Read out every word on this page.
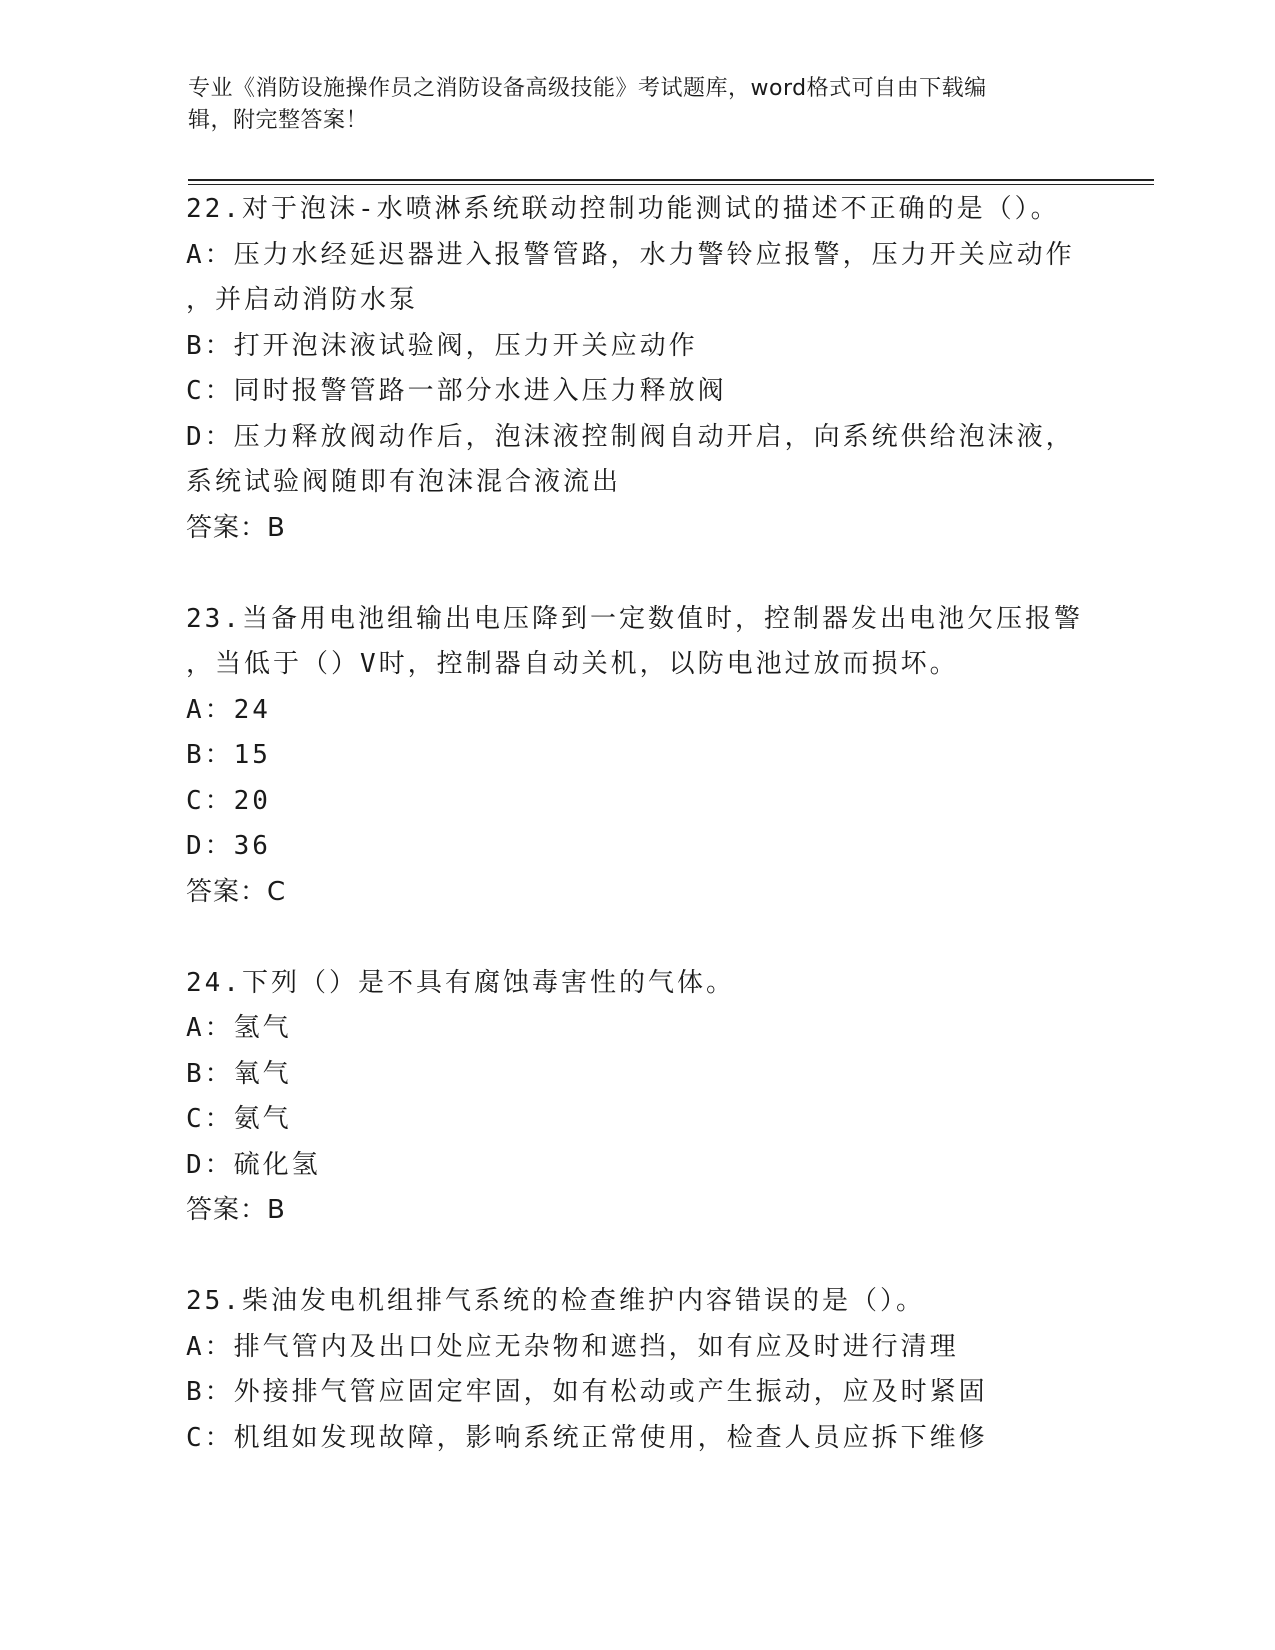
专业《消防设施操作员之消防设备高级技能》考试题库，word格式可自由下载编
辑，附完整答案！
22.对于泡沫-水喷淋系统联动控制功能测试的描述不正确的是（）。
A：压力水经延迟器进入报警管路，水力警铃应报警，压力开关应动作
，并启动消防水泵
B：打开泡沫液试验阀，压力开关应动作
C：同时报警管路一部分水进入压力释放阀
D：压力释放阀动作后，泡沫液控制阀自动开启，向系统供给泡沫液，
系统试验阀随即有泡沫混合液流出
答案：B
23.当备用电池组输出电压降到一定数值时，控制器发出电池欠压报警
，当低于（）V时，控制器自动关机，以防电池过放而损坏。
A：24
B：15
C：20
D：36
答案：C
24.下列（）是不具有腐蚀毒害性的气体。
A：氢气
B：氧气
C：氨气
D：硫化氢
答案：B
25.柴油发电机组排气系统的检查维护内容错误的是（）。
A：排气管内及出口处应无杂物和遮挡，如有应及时进行清理
B：外接排气管应固定牢固，如有松动或产生振动，应及时紧固
C：机组如发现故障，影响系统正常使用，检查人员应拆下维修
